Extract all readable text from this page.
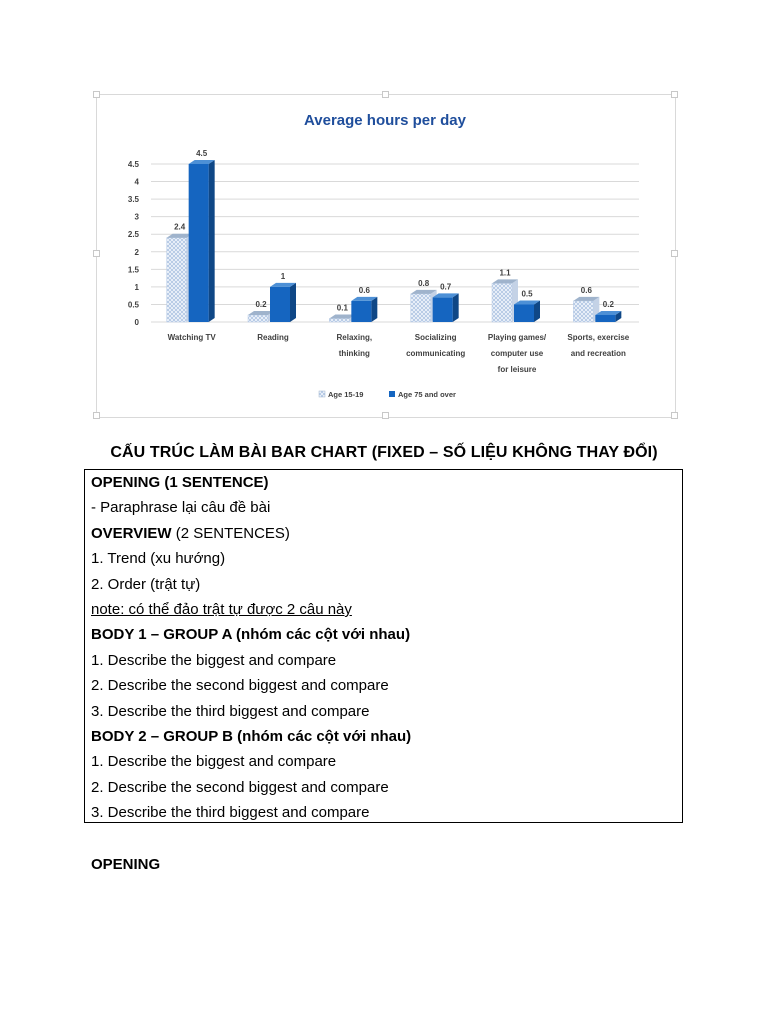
Average hours per day
0
0.5
1
1.5
2
2.5
3
3.5
4
4.5
2.4
4.5
0.2
1
0.1
0.6
0.8 0.7
1.1
0.5	0.6
0.2
Watching TV	Reading	Relaxing, thinking
Socializing communicating
Playing games/ computer use for leisure
Sports, exercise and recreation
Age 15-19	Age 75 and over
CẤU TRÚC LÀM BÀI BAR CHART (FIXED – SỐ LIỆU KHÔNG THAY ĐỔI)
OPENING (1 SENTENCE)
- Paraphrase lại câu đề bài
OVERVIEW (2 SENTENCES)
1. Trend (xu hướng)
2. Order (trật tự)
note: có thể đảo trật tự được 2 câu này
BODY 1 – GROUP A (nhóm các cột với nhau)
1. Describe the biggest and compare
2. Describe the second biggest and compare
3. Describe the third biggest and compare
BODY 2 – GROUP B (nhóm các cột với nhau)
1. Describe the biggest and compare
2. Describe the second biggest and compare
3. Describe the third biggest and compare
OPENING
